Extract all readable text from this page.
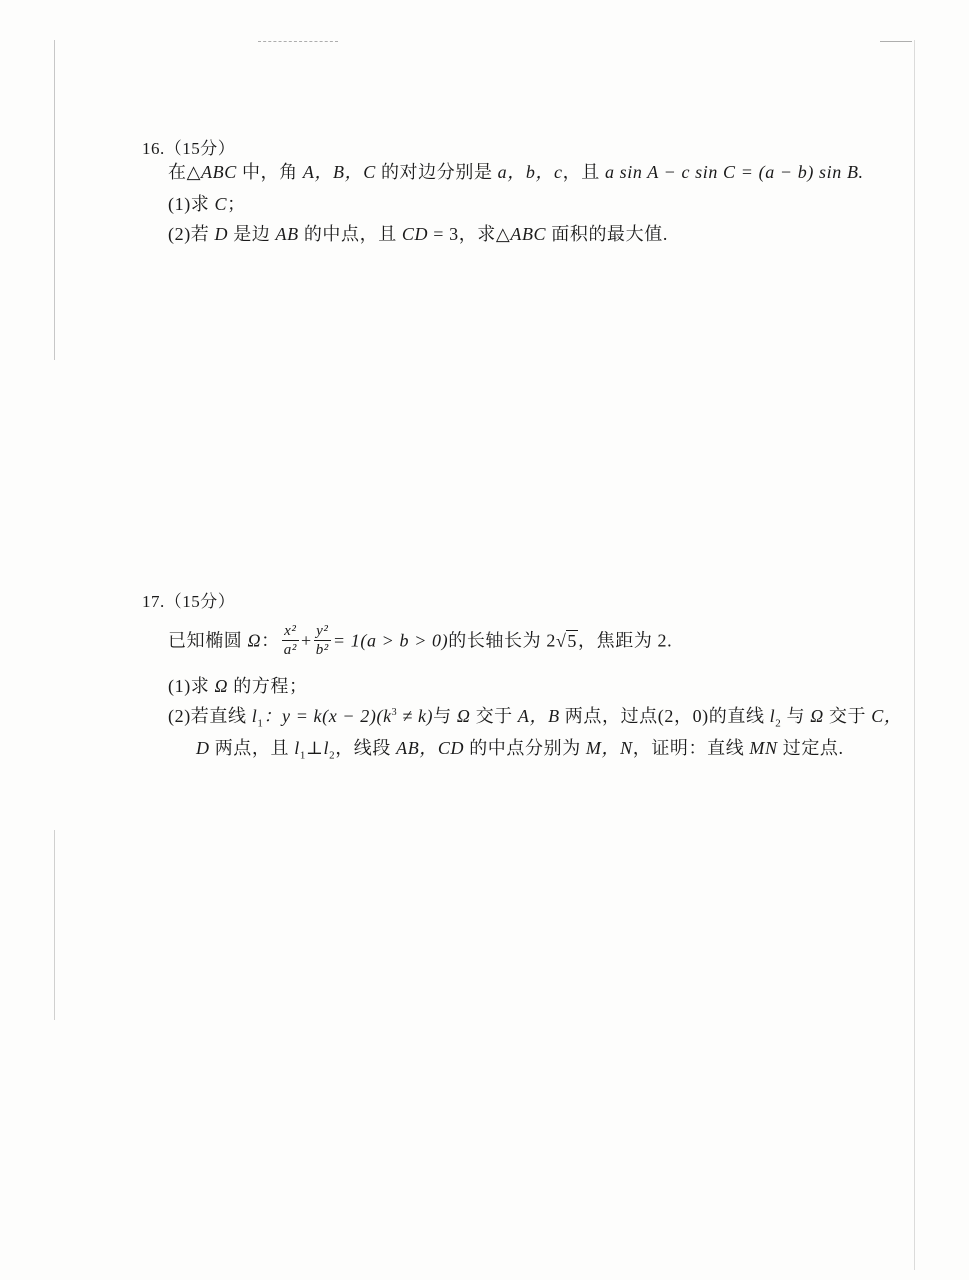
16.（15分）
在△ABC 中，角 A，B，C 的对边分别是 a，b，c，且 a sin A − c sin C = (a − b) sin B.
(1)求 C；
(2)若 D 是边 AB 的中点，且 CD = 3，求△ABC 面积的最大值.
17.（15分）
已知椭圆 Ω： $\frac{\text{x²}}{\text{a²}} + \frac{\text{y²}}{\text{b²}} = 1(a > b > 0)$的长轴长为 2√5，焦距为 2.
(1)求 Ω 的方程；
(2)若直线 $l_1$：$y = k(x - 2)(k^3 \ne k)$与 Ω 交于 A，B 两点，过点(2，0)的直线 $l_2$ 与 Ω 交于 C，
D 两点，且 $l_1\perp l_2$，线段 AB，CD 的中点分别为 M，N，证明：直线 MN 过定点.
